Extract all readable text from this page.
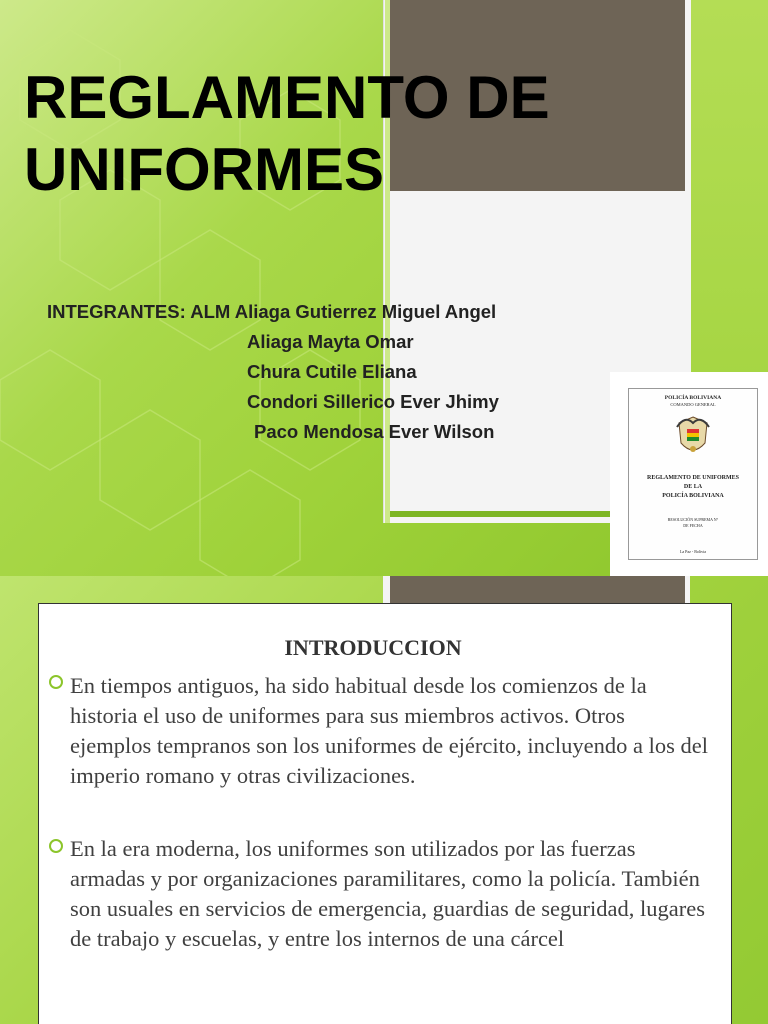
REGLAMENTO DE
UNIFORMES
INTEGRANTES: ALM Aliaga Gutierrez Miguel Angel
Aliaga Mayta Omar
Chura Cutile Eliana
Condori Sillerico Ever Jhimy
Paco Mendosa Ever Wilson
POLICÍA BOLIVIANA
COMANDO GENERAL
REGLAMENTO DE UNIFORMES
DE LA
POLICÍA BOLIVIANA
RESOLUCIÓN SUPREMA N°
DE FECHA
La Paz - Bolivia
INTRODUCCION
En tiempos antiguos, ha sido habitual desde los comienzos de la historia el uso de uniformes para sus miembros activos. Otros ejemplos tempranos son los uniformes de ejército, incluyendo a los del imperio romano y otras civilizaciones.
En la era moderna, los uniformes son utilizados por las fuerzas armadas y por organizaciones paramilitares, como la policía. También son usuales en servicios de emergencia, guardias de seguridad, lugares de trabajo y escuelas, y entre los internos de una cárcel
